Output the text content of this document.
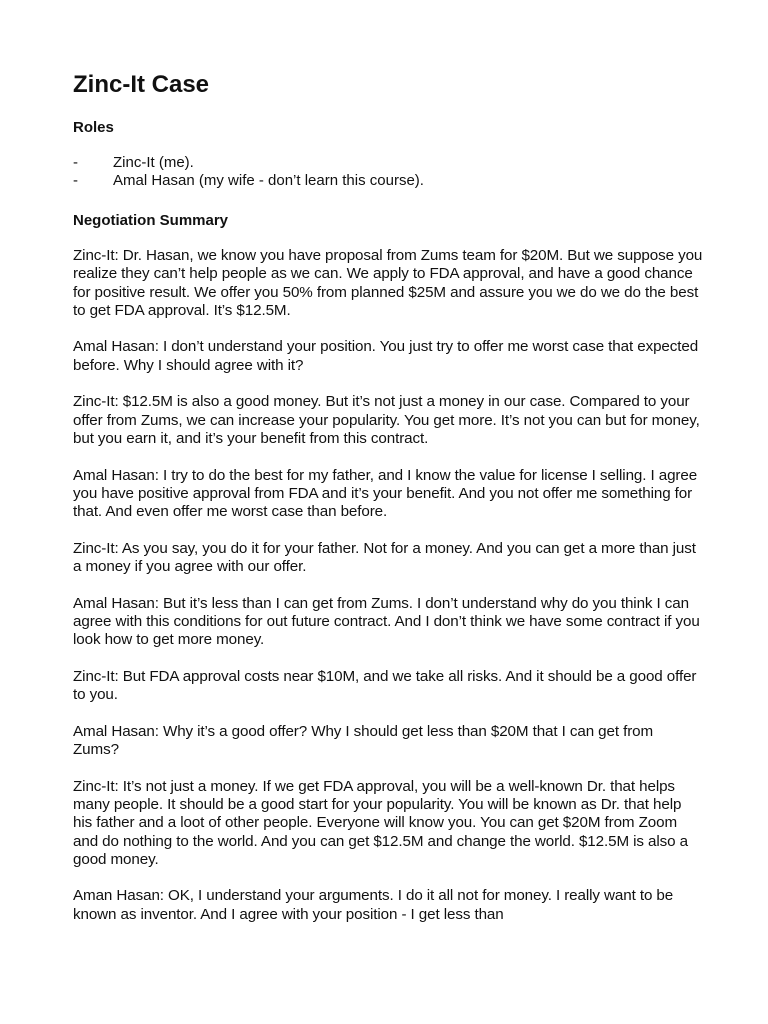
Zinc-It Case
Roles
- Zinc-It (me).
- Amal Hasan (my wife - don’t learn this course).
Negotiation Summary

Zinc-It: Dr. Hasan, we know you have proposal from Zums team for $20M. But we suppose you realize they can’t help people as we can. We apply to FDA approval, and have a good chance for positive result. We offer you 50% from planned $25M and assure you we do we do the best to get FDA approval. It’s $12.5M.

Amal Hasan: I don’t understand your position. You just try to offer me worst case that expected before. Why I should agree with it?

Zinc-It: $12.5M is also a good money. But it’s not just a money in our case. Compared to your offer from Zums, we can increase your popularity. You get more. It’s not you can but for money, but you earn it, and it’s your benefit from this contract.

Amal Hasan: I try to do the best for my father, and I know the value for license I selling. I agree you have positive approval from FDA and it’s your benefit. And you not offer me something for that. And even offer me worst case than before.

Zinc-It: As you say, you do it for your father. Not for a money. And you can get a more than just a money if you agree with our offer.

Amal Hasan: But it’s less than I can get from Zums. I don’t understand why do you think I can agree with this conditions for out future contract. And I don’t think we have some contract if you look how to get more money.

Zinc-It: But FDA approval costs near $10M, and we take all risks. And it should be a good offer to you.

Amal Hasan: Why it’s a good offer? Why I should get less than $20M that I can get from Zums?

Zinc-It: It’s not just a money. If we get FDA approval, you will be a well-known Dr. that helps many people. It should be a good start for your popularity. You will be known as Dr. that help his father and a loot of other people. Everyone will know you. You can get $20M from Zoom and do nothing to the world. And you can get $12.5M and change the world. $12.5M is also a good money.

Aman Hasan: OK, I understand your arguments. I do it all not for money. I really want to be known as inventor. And I agree with your position - I get less than
